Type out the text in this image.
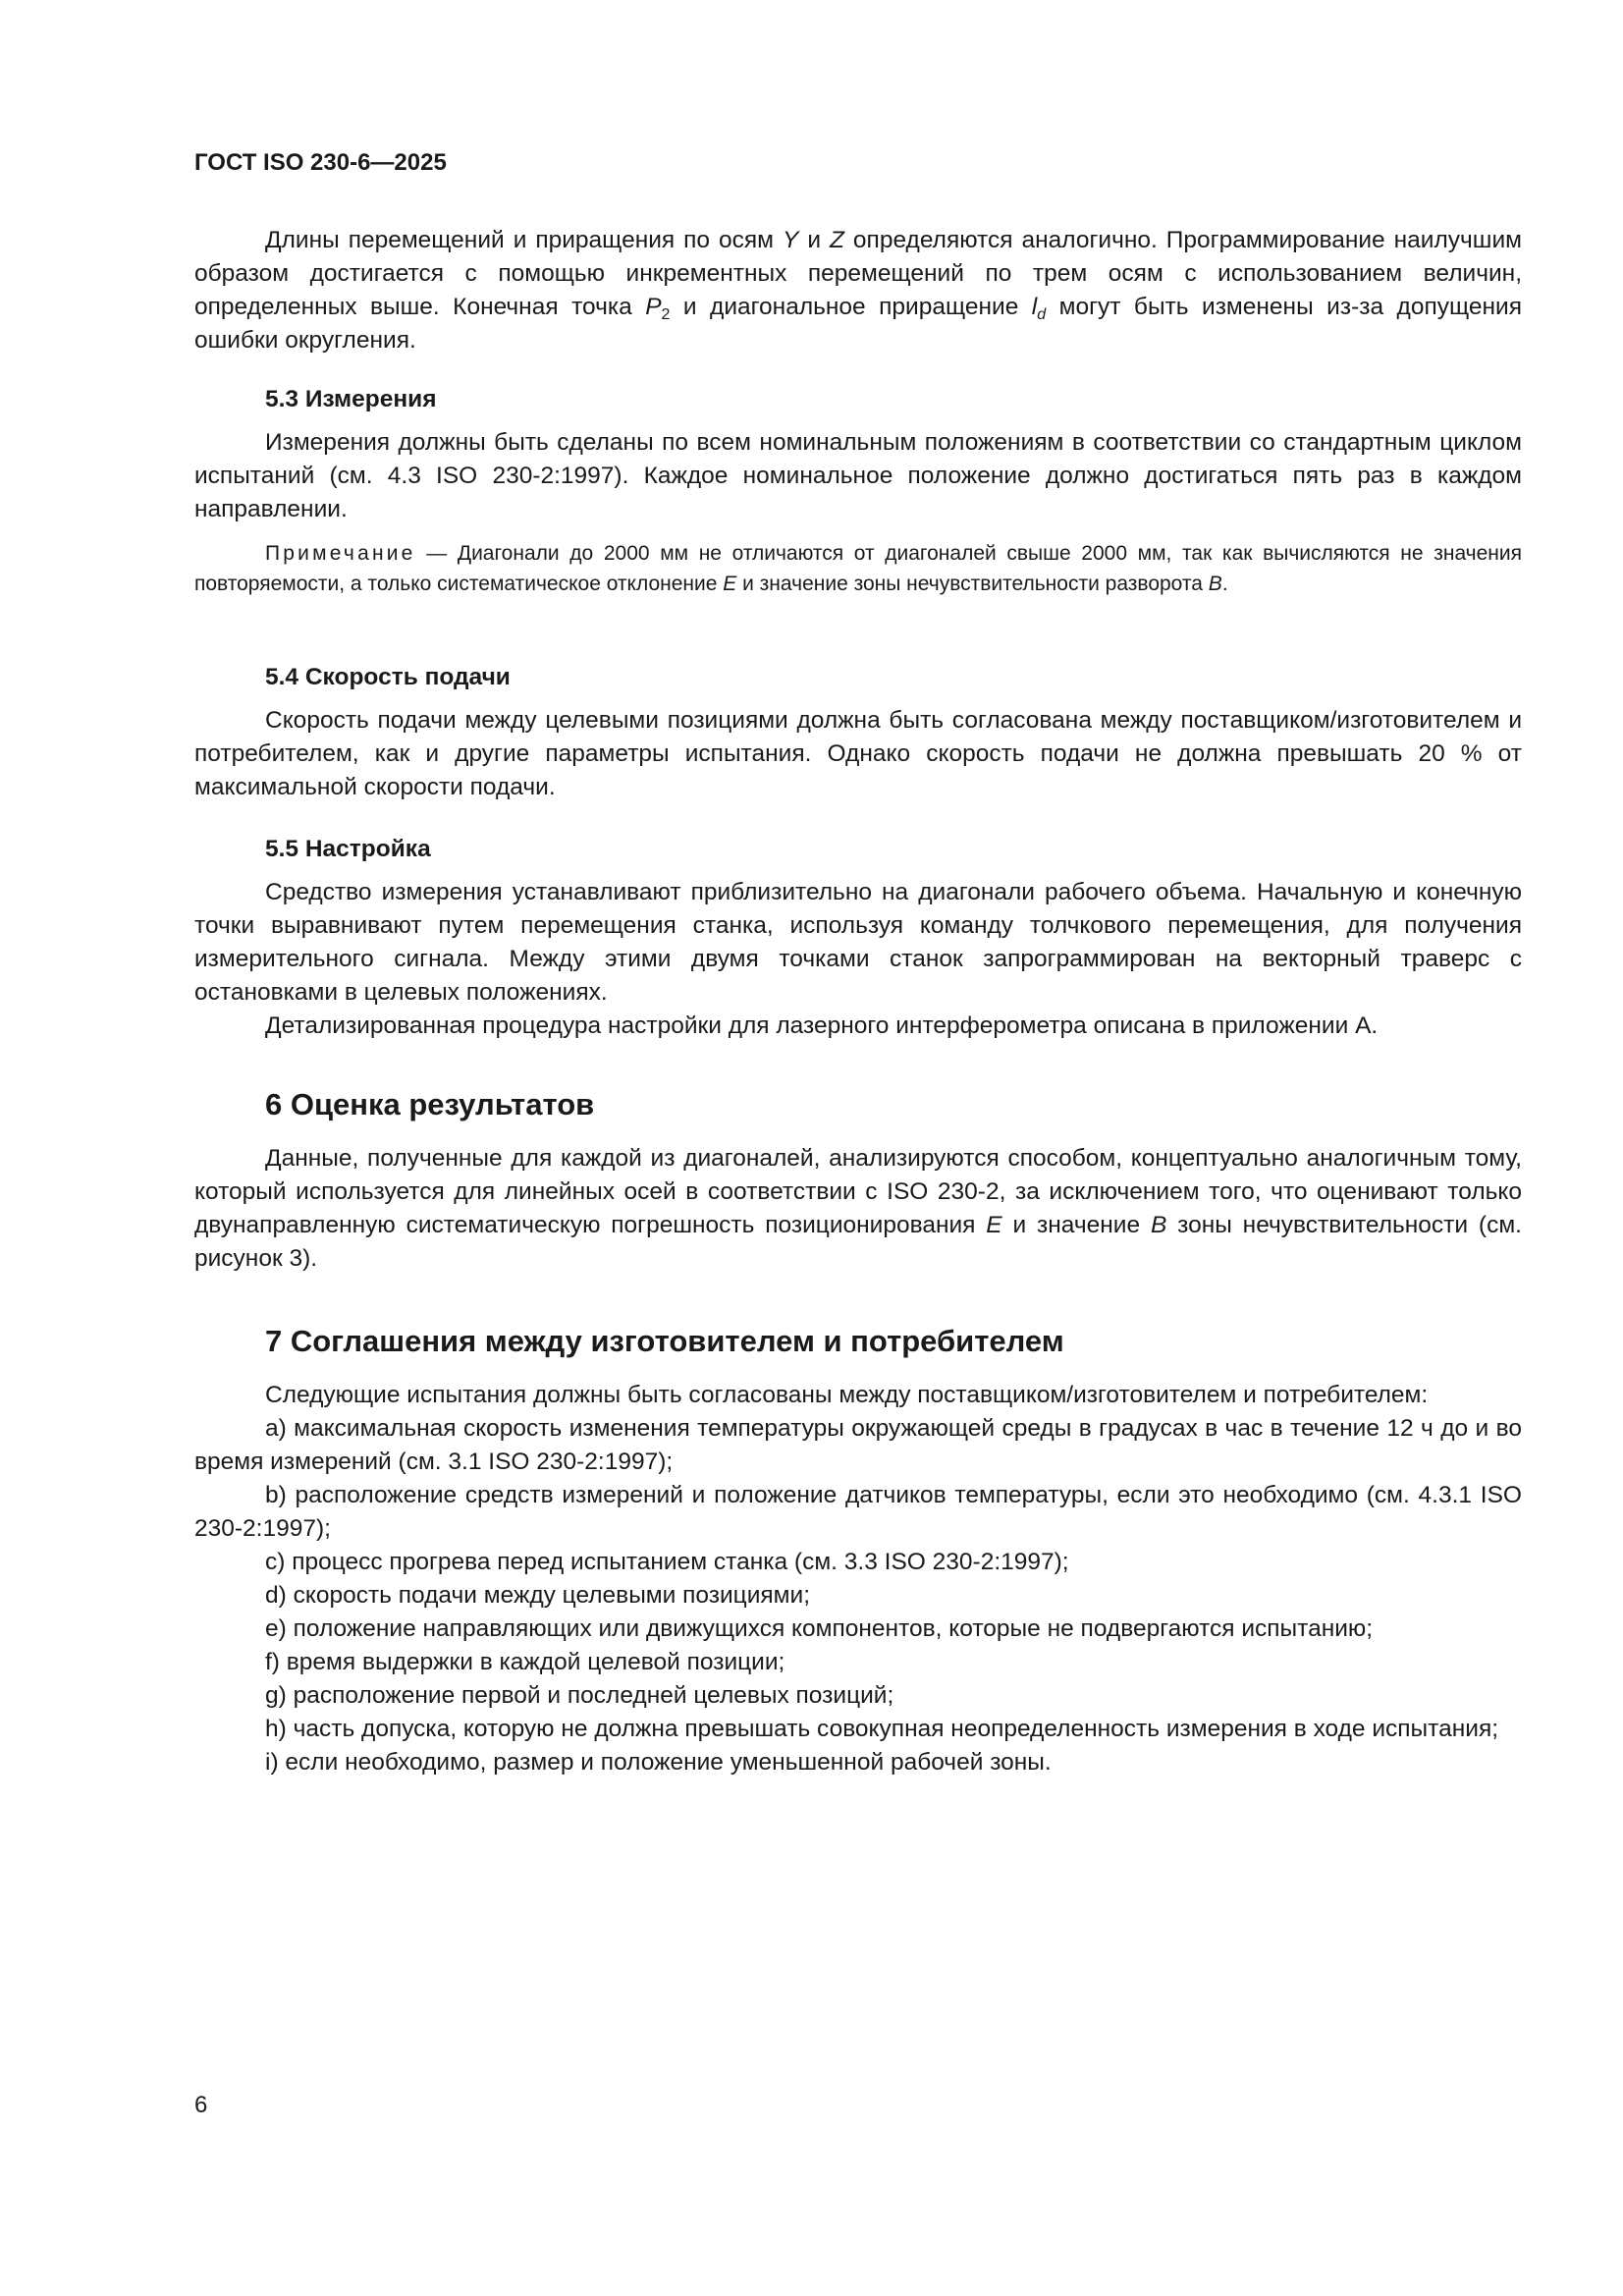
ГОСТ ISO 230-6—2025

Длины перемещений и приращения по осям Y и Z определяются аналогично. Программирование наилучшим образом достигается с помощью инкрементных перемещений по трем осям с использованием величин, определенных выше. Конечная точка $P_2$ и диагональное приращение $l_d$ могут быть изменены из-за допущения ошибки округления.

5.3 Измерения

Измерения должны быть сделаны по всем номинальным положениям в соответствии со стандартным циклом испытаний (см. 4.3 ISO 230-2:1997). Каждое номинальное положение должно достигаться пять раз в каждом направлении.

Примечание — Диагонали до 2000 мм не отличаются от диагоналей свыше 2000 мм, так как вычисляются не значения повторяемости, а только систематическое отклонение E и значение зоны нечувствительности разворота B.

5.4 Скорость подачи

Скорость подачи между целевыми позициями должна быть согласована между поставщиком/изготовителем и потребителем, как и другие параметры испытания. Однако скорость подачи не должна превышать 20 % от максимальной скорости подачи.

5.5 Настройка

Средство измерения устанавливают приблизительно на диагонали рабочего объема. Начальную и конечную точки выравнивают путем перемещения станка, используя команду толчкового перемещения, для получения измерительного сигнала. Между этими двумя точками станок запрограммирован на векторный траверс с остановками в целевых положениях.

Детализированная процедура настройки для лазерного интерферометра описана в приложении А.

6 Оценка результатов

Данные, полученные для каждой из диагоналей, анализируются способом, концептуально аналогичным тому, который используется для линейных осей в соответствии с ISO 230-2, за исключением того, что оценивают только двунаправленную систематическую погрешность позиционирования E и значение B зоны нечувствительности (см. рисунок 3).

7 Соглашения между изготовителем и потребителем

Следующие испытания должны быть согласованы между поставщиком/изготовителем и потребителем:

а) максимальная скорость изменения температуры окружающей среды в градусах в час в течение 12 ч до и во время измерений (см. 3.1 ISO 230-2:1997);

b) расположение средств измерений и положение датчиков температуры, если это необходимо (см. 4.3.1 ISO 230-2:1997);

с) процесс прогрева перед испытанием станка (см. 3.3 ISO 230-2:1997);

d) скорость подачи между целевыми позициями;

е) положение направляющих или движущихся компонентов, которые не подвергаются испытанию;

f) время выдержки в каждой целевой позиции;

g) расположение первой и последней целевых позиций;

h) часть допуска, которую не должна превышать совокупная неопределенность измерения в ходе испытания;

i) если необходимо, размер и положение уменьшенной рабочей зоны.

6
